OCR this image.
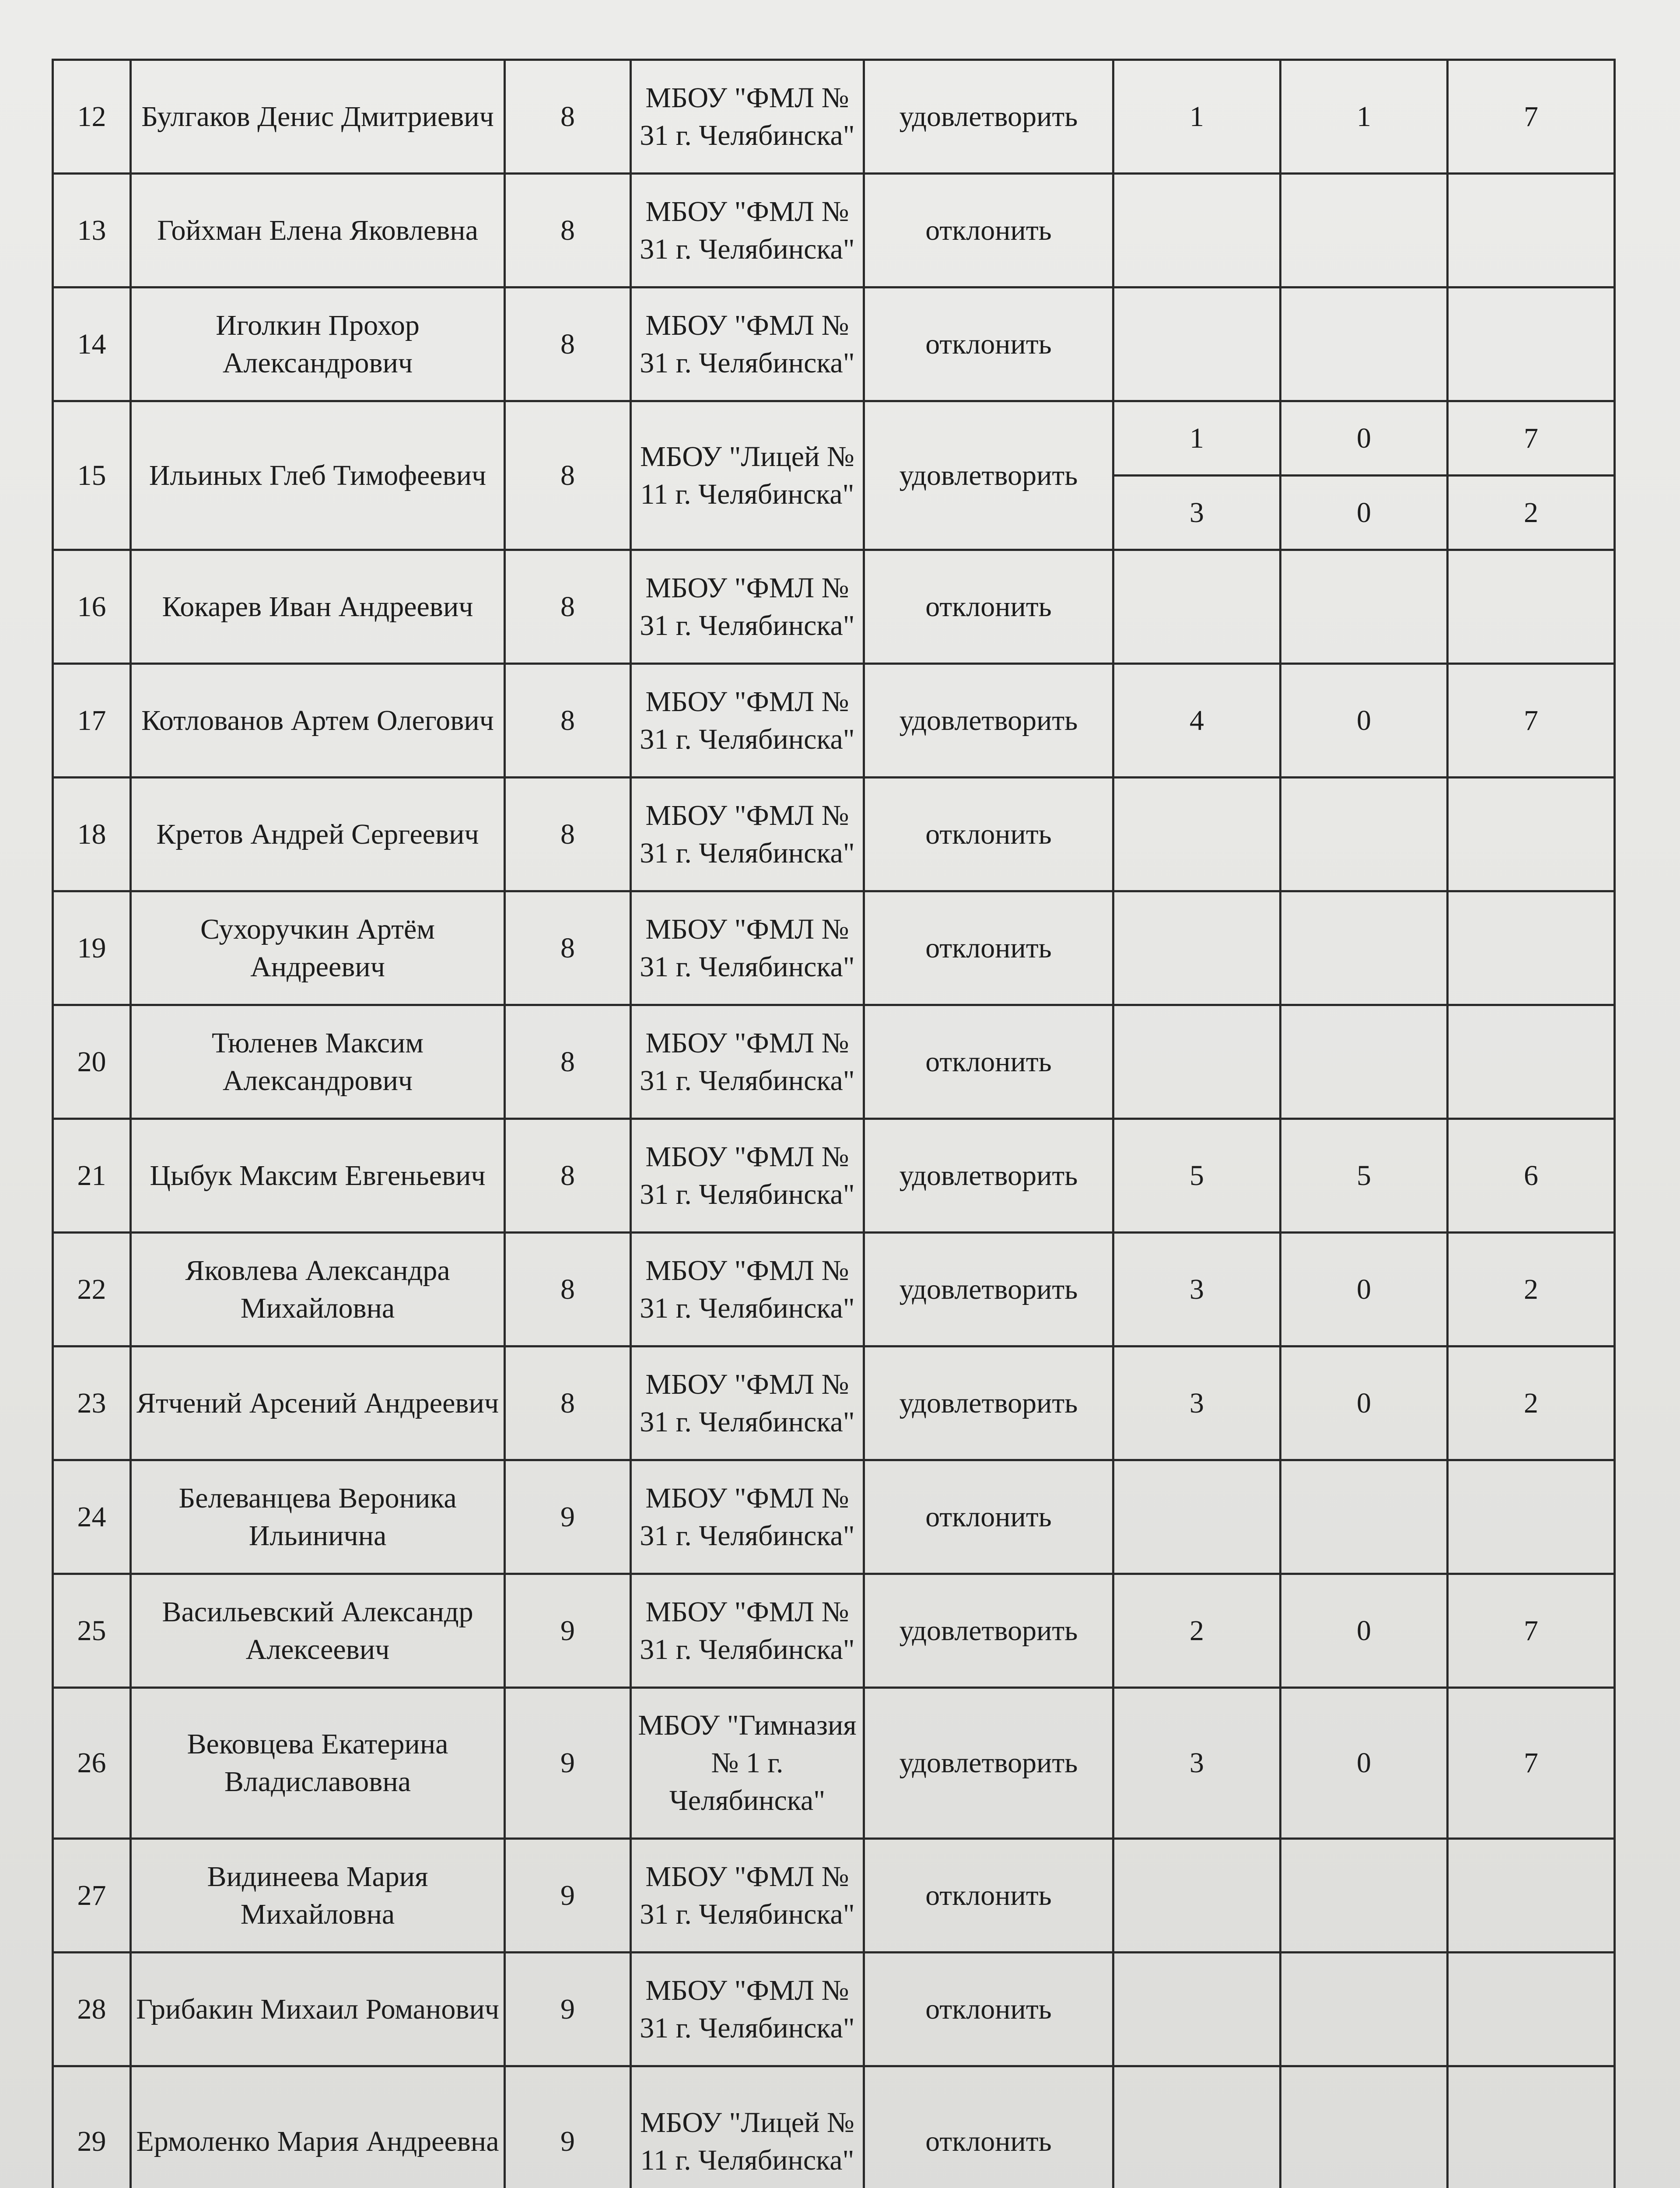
12	Булгаков Денис Дмитриевич	8	МБОУ "ФМЛ № 31 г. Челябинска"	удовлетворить	1	1	7
13	Гойхман Елена Яковлевна	8	МБОУ "ФМЛ № 31 г. Челябинска"	отклонить			
14	Иголкин Прохор Александрович	8	МБОУ "ФМЛ № 31 г. Челябинска"	отклонить			
15	Ильиных Глеб Тимофеевич	8	МБОУ "Лицей № 11 г. Челябинска"	удовлетворить	1	0	7
					3	0	2
16	Кокарев Иван Андреевич	8	МБОУ "ФМЛ № 31 г. Челябинска"	отклонить			
17	Котлованов Артем Олегович	8	МБОУ "ФМЛ № 31 г. Челябинска"	удовлетворить	4	0	7
18	Кретов Андрей Сергеевич	8	МБОУ "ФМЛ № 31 г. Челябинска"	отклонить			
19	Сухоручкин Артём Андреевич	8	МБОУ "ФМЛ № 31 г. Челябинска"	отклонить			
20	Тюленев Максим Александрович	8	МБОУ "ФМЛ № 31 г. Челябинска"	отклонить			
21	Цыбук Максим Евгеньевич	8	МБОУ "ФМЛ № 31 г. Челябинска"	удовлетворить	5	5	6
22	Яковлева Александра Михайловна	8	МБОУ "ФМЛ № 31 г. Челябинска"	удовлетворить	3	0	2
23	Ятчений Арсений Андреевич	8	МБОУ "ФМЛ № 31 г. Челябинска"	удовлетворить	3	0	2
24	Белеванцева Вероника Ильинична	9	МБОУ "ФМЛ № 31 г. Челябинска"	отклонить			
25	Васильевский Александр Алексеевич	9	МБОУ "ФМЛ № 31 г. Челябинска"	удовлетворить	2	0	7
26	Вековцева Екатерина Владиславовна	9	МБОУ "Гимназия № 1 г. Челябинска"	удовлетворить	3	0	7
27	Видинеева Мария Михайловна	9	МБОУ "ФМЛ № 31 г. Челябинска"	отклонить			
28	Грибакин Михаил Романович	9	МБОУ "ФМЛ № 31 г. Челябинска"	отклонить			
29	Ермоленко Мария Андреевна	9	МБОУ "Лицей № 11 г. Челябинска"	отклонить			
